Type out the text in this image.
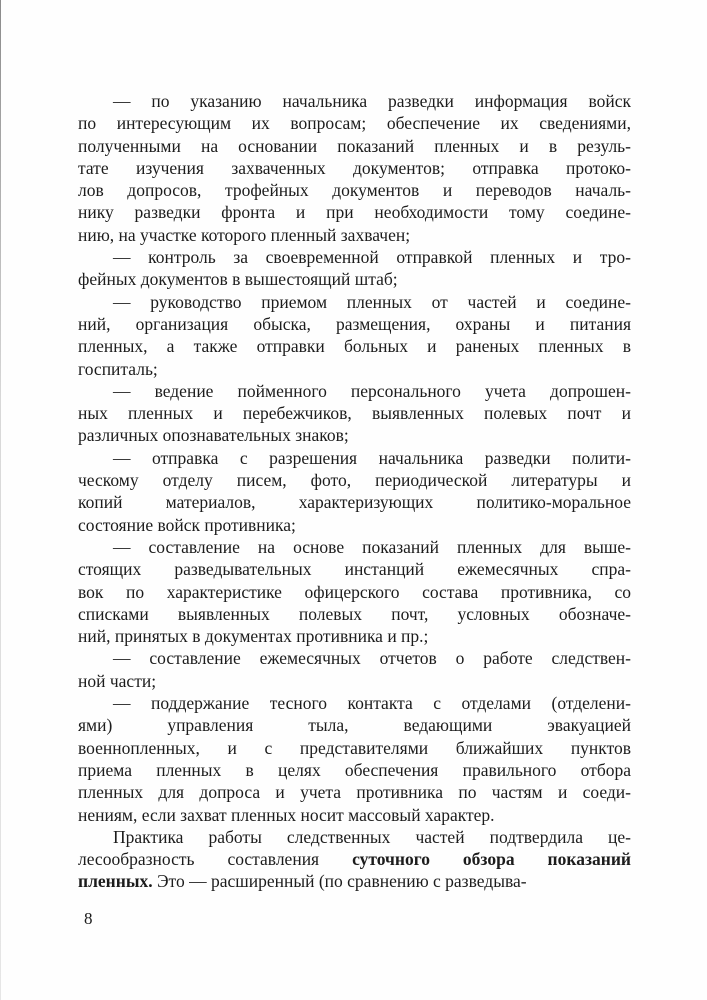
— по указанию начальника разведки информация войск
по интересующим их вопросам; обеспечение их сведениями,
полученными на основании показаний пленных и в резуль-
тате изучения захваченных документов; отправка протоко-
лов допросов, трофейных документов и переводов началь-
нику разведки фронта и при необходимости тому соедине-
нию, на участке которого пленный захвачен;
— контроль за своевременной отправкой пленных и тро-
фейных документов в вышестоящий штаб;
— руководство приемом пленных от частей и соедине-
ний, организация обыска, размещения, охраны и питания
пленных, а также отправки больных и раненых пленных в
госпиталь;
— ведение пойменного персонального учета допрошен-
ных пленных и перебежчиков, выявленных полевых почт и
различных опознавательных знаков;
— отправка с разрешения начальника разведки полити-
ческому отделу писем, фото, периодической литературы и
копий материалов, характеризующих политико-моральное
состояние войск противника;
— составление на основе показаний пленных для выше-
стоящих разведывательных инстанций ежемесячных спра-
вок по характеристике офицерского состава противника, со
списками выявленных полевых почт, условных обозначе-
ний, принятых в документах противника и пр.;
— составление ежемесячных отчетов о работе следствен-
ной части;
— поддержание тесного контакта с отделами (отделени-
ями) управления тыла, ведающими эвакуацией
военнопленных, и с представителями ближайших пунктов
приема пленных в целях обеспечения правильного отбора
пленных для допроса и учета противника по частям и соеди-
нениям, если захват пленных носит массовый характер.
Практика работы следственных частей подтвердила це-
лесообразность составления суточного обзора показаний
пленных. Это — расширенный (по сравнению с разведыва-
8
